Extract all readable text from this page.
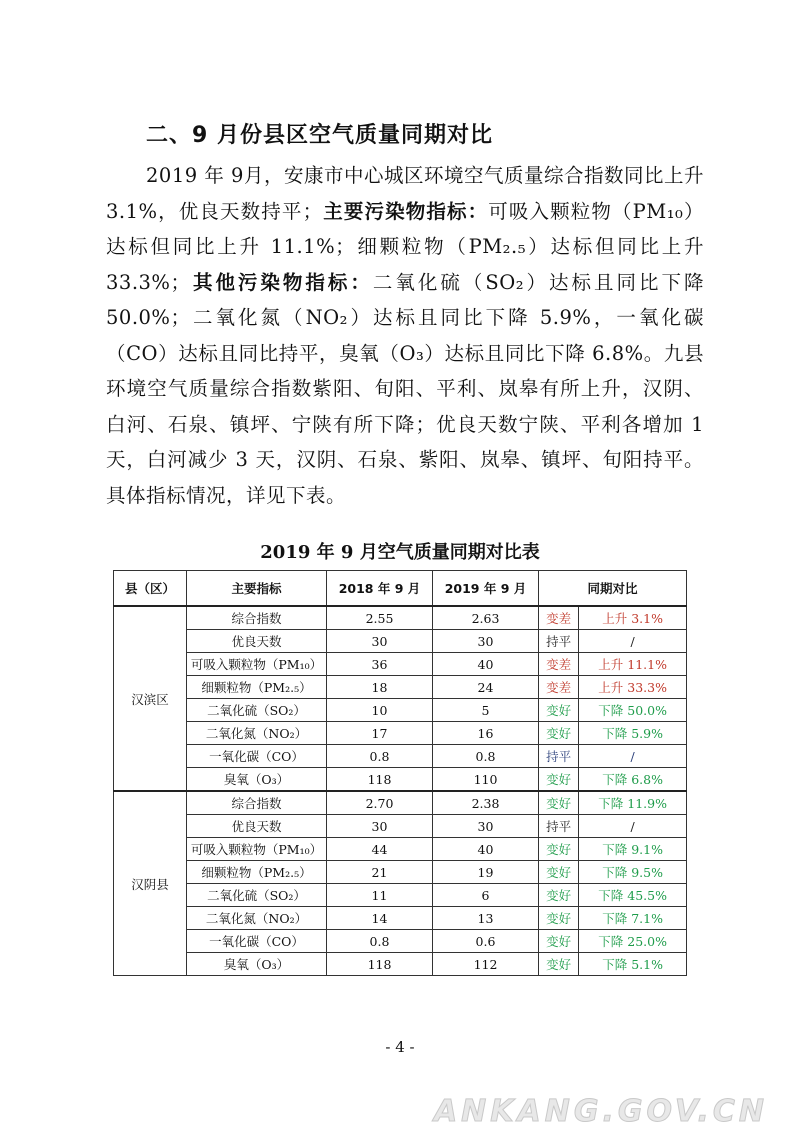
二、9 月份县区空气质量同期对比
2019 年 9月，安康市中心城区环境空气质量综合指数同比上升 3.1%，优良天数持平；主要污染物指标：可吸入颗粒物（PM₁₀）达标但同比上升 11.1%；细颗粒物（PM₂.₅）达标但同比上升 33.3%；其他污染物指标：二氧化硫（SO₂）达标且同比下降 50.0%；二氧化氮（NO₂）达标且同比下降 5.9%，一氧化碳（CO）达标且同比持平，臭氧（O₃）达标且同比下降 6.8%。九县环境空气质量综合指数紫阳、旬阳、平利、岚皋有所上升，汉阴、白河、石泉、镇坪、宁陕有所下降；优良天数宁陕、平利各增加 1 天，白河减少 3 天，汉阴、石泉、紫阳、岚皋、镇坪、旬阳持平。具体指标情况，详见下表。
2019 年 9 月空气质量同期对比表
县（区）	主要指标	2018 年 9 月	2019 年 9 月	同期对比	
汉滨区	综合指数	2.55	2.63	变差	上升 3.1%
	优良天数	30	30	持平	/
	可吸入颗粒物（PM₁₀）	36	40	变差	上升 11.1%
	细颗粒物（PM₂.₅）	18	24	变差	上升 33.3%
	二氧化硫（SO₂）	10	5	变好	下降 50.0%
	二氧化氮（NO₂）	17	16	变好	下降 5.9%
	一氧化碳（CO）	0.8	0.8	持平	/
	臭氧（O₃）	118	110	变好	下降 6.8%
汉阴县	综合指数	2.70	2.38	变好	下降 11.9%
	优良天数	30	30	持平	/
	可吸入颗粒物（PM₁₀）	44	40	变好	下降 9.1%
	细颗粒物（PM₂.₅）	21	19	变好	下降 9.5%
	二氧化硫（SO₂）	11	6	变好	下降 45.5%
	二氧化氮（NO₂）	14	13	变好	下降 7.1%
	一氧化碳（CO）	0.8	0.6	变好	下降 25.0%
	臭氧（O₃）	118	112	变好	下降 5.1%
- 4 -
ANKANG.GOV.CN
